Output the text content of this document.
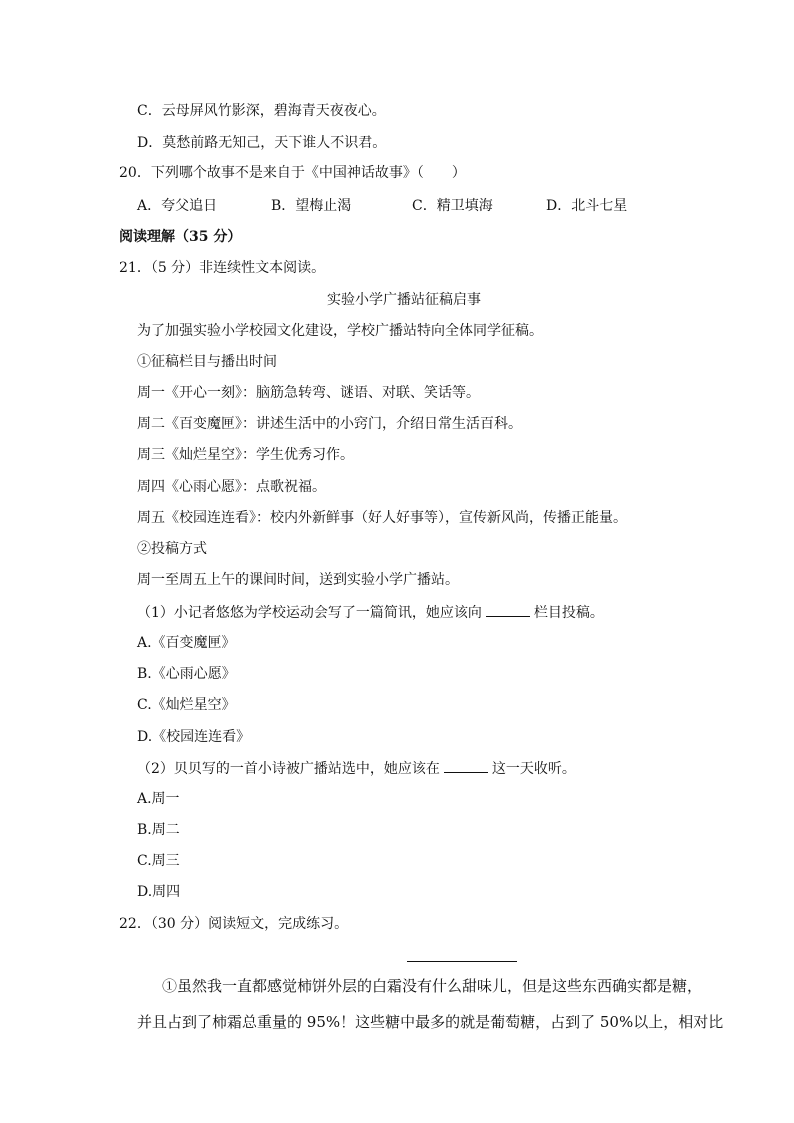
C．云母屏风竹影深，碧海青天夜夜心。
D．莫愁前路无知己，天下谁人不识君。
20．下列哪个故事不是来自于《中国神话故事》（　　）
A．夸父追日	B．望梅止渴	C．精卫填海	D．北斗七星
阅读理解（35 分）
21．（5 分）非连续性文本阅读。
实验小学广播站征稿启事
为了加强实验小学校园文化建设，学校广播站特向全体同学征稿。
①征稿栏目与播出时间
周一《开心一刻》：脑筋急转弯、谜语、对联、笑话等。
周二《百变魔匣》：讲述生活中的小窍门，介绍日常生活百科。
周三《灿烂星空》：学生优秀习作。
周四《心雨心愿》：点歌祝福。
周五《校园连连看》：校内外新鲜事（好人好事等），宣传新风尚，传播正能量。
②投稿方式
周一至周五上午的课间时间，送到实验小学广播站。
（1）小记者悠悠为学校运动会写了一篇简讯，她应该向	栏目投稿。
A.《百变魔匣》
B.《心雨心愿》
C.《灿烂星空》
D.《校园连连看》
（2）贝贝写的一首小诗被广播站选中，她应该在	这一天收听。
A.周一
B.周二
C.周三
D.周四
22．（30 分）阅读短文，完成练习。
①虽然我一直都感觉柿饼外层的白霜没有什么甜味儿，但是这些东西确实都是糖，
并且占到了柿霜总重量的 95%！这些糖中最多的就是葡萄糖，占到了 50%以上，相对比
